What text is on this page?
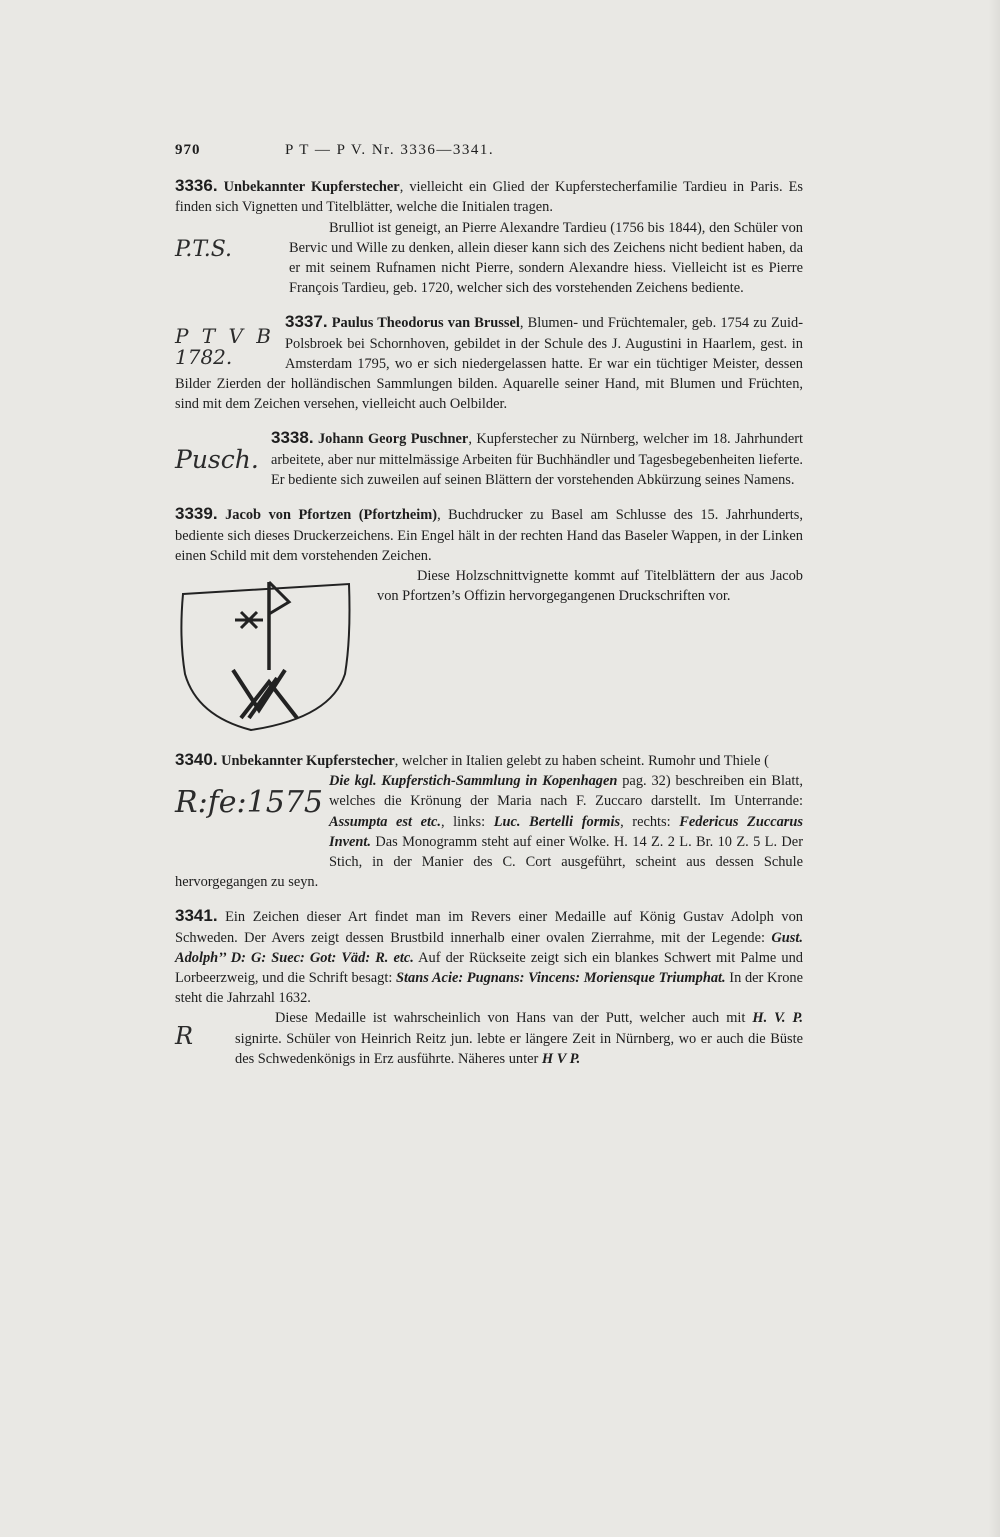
970	P T — P V. Nr. 3336—3341.

3336. Unbekannter Kupferstecher, vielleicht ein Glied der Kupferstecherfamilie Tardieu in Paris. Es finden sich Vignetten und Titelblätter, welche die Initialen tragen.

P.T.S.

Brulliot ist geneigt, an Pierre Alexandre Tardieu (1756 bis 1844), den Schüler von Bervic und Wille zu denken, allein dieser kann sich des Zeichens nicht bedient haben, da er mit seinem Rufnamen nicht Pierre, sondern Alexandre hiess. Vielleicht ist es Pierre François Tardieu, geb. 1720, welcher sich des vorstehenden Zeichens bediente.

P T V B 1782.

3337. Paulus Theodorus van Brussel, Blumen- und Früchtemaler, geb. 1754 zu Zuid-Polsbroek bei Schornhoven, gebildet in der Schule des J. Augustini in Haarlem, gest. in Amsterdam 1795, wo er sich niedergelassen hatte. Er war ein tüchtiger Meister, dessen Bilder Zierden der holländischen Sammlungen bilden. Aquarelle seiner Hand, mit Blumen und Früchten, sind mit dem Zeichen versehen, vielleicht auch Oelbilder.

Pusch.

3338. Johann Georg Puschner, Kupferstecher zu Nürnberg, welcher im 18. Jahrhundert arbeitete, aber nur mittelmässige Arbeiten für Buchhändler und Tagesbegebenheiten lieferte. Er bediente sich zuweilen auf seinen Blättern der vorstehenden Abkürzung seines Namens.

3339. Jacob von Pfortzen (Pfortzheim), Buchdrucker zu Basel am Schlusse des 15. Jahrhunderts, bediente sich dieses Druckerzeichens. Ein Engel hält in der rechten Hand das Baseler Wappen, in der Linken einen Schild mit dem vorstehenden Zeichen.

Diese Holzschnittvignette kommt auf Titelblättern der aus Jacob von Pfortzen’s Offizin hervorgegangenen Druckschriften vor.

3340. Unbekannter Kupferstecher, welcher in Italien gelebt zu haben scheint. Rumohr und Thiele (

R:fe:1575

Die kgl. Kupferstich-Sammlung in Kopenhagen pag. 32) beschreiben ein Blatt, welches die Krönung der Maria nach F. Zuccaro darstellt. Im Unterrande: Assumpta est etc., links: Luc. Bertelli formis, rechts: Federicus Zuccarus Invent. Das Monogramm steht auf einer Wolke. H. 14 Z. 2 L. Br. 10 Z. 5 L. Der Stich, in der Manier des C. Cort ausgeführt, scheint aus dessen Schule hervorgegangen zu seyn.

3341. Ein Zeichen dieser Art findet man im Revers einer Medaille auf König Gustav Adolph von Schweden. Der Avers zeigt dessen Brustbild innerhalb einer ovalen Zierrahme, mit der Legende: Gust. Adolph’’ D: G: Suec: Got: Väd: R. etc. Auf der Rückseite zeigt sich ein blankes Schwert mit Palme und Lorbeerzweig, und die Schrift besagt: Stans Acie: Pugnans: Vincens: Moriensque Triumphat. In der Krone steht die Jahrzahl 1632.

R

Diese Medaille ist wahrscheinlich von Hans van der Putt, welcher auch mit H. V. P. signirte. Schüler von Heinrich Reitz jun. lebte er längere Zeit in Nürnberg, wo er auch die Büste des Schwedenkönigs in Erz ausführte. Näheres unter H V P.
